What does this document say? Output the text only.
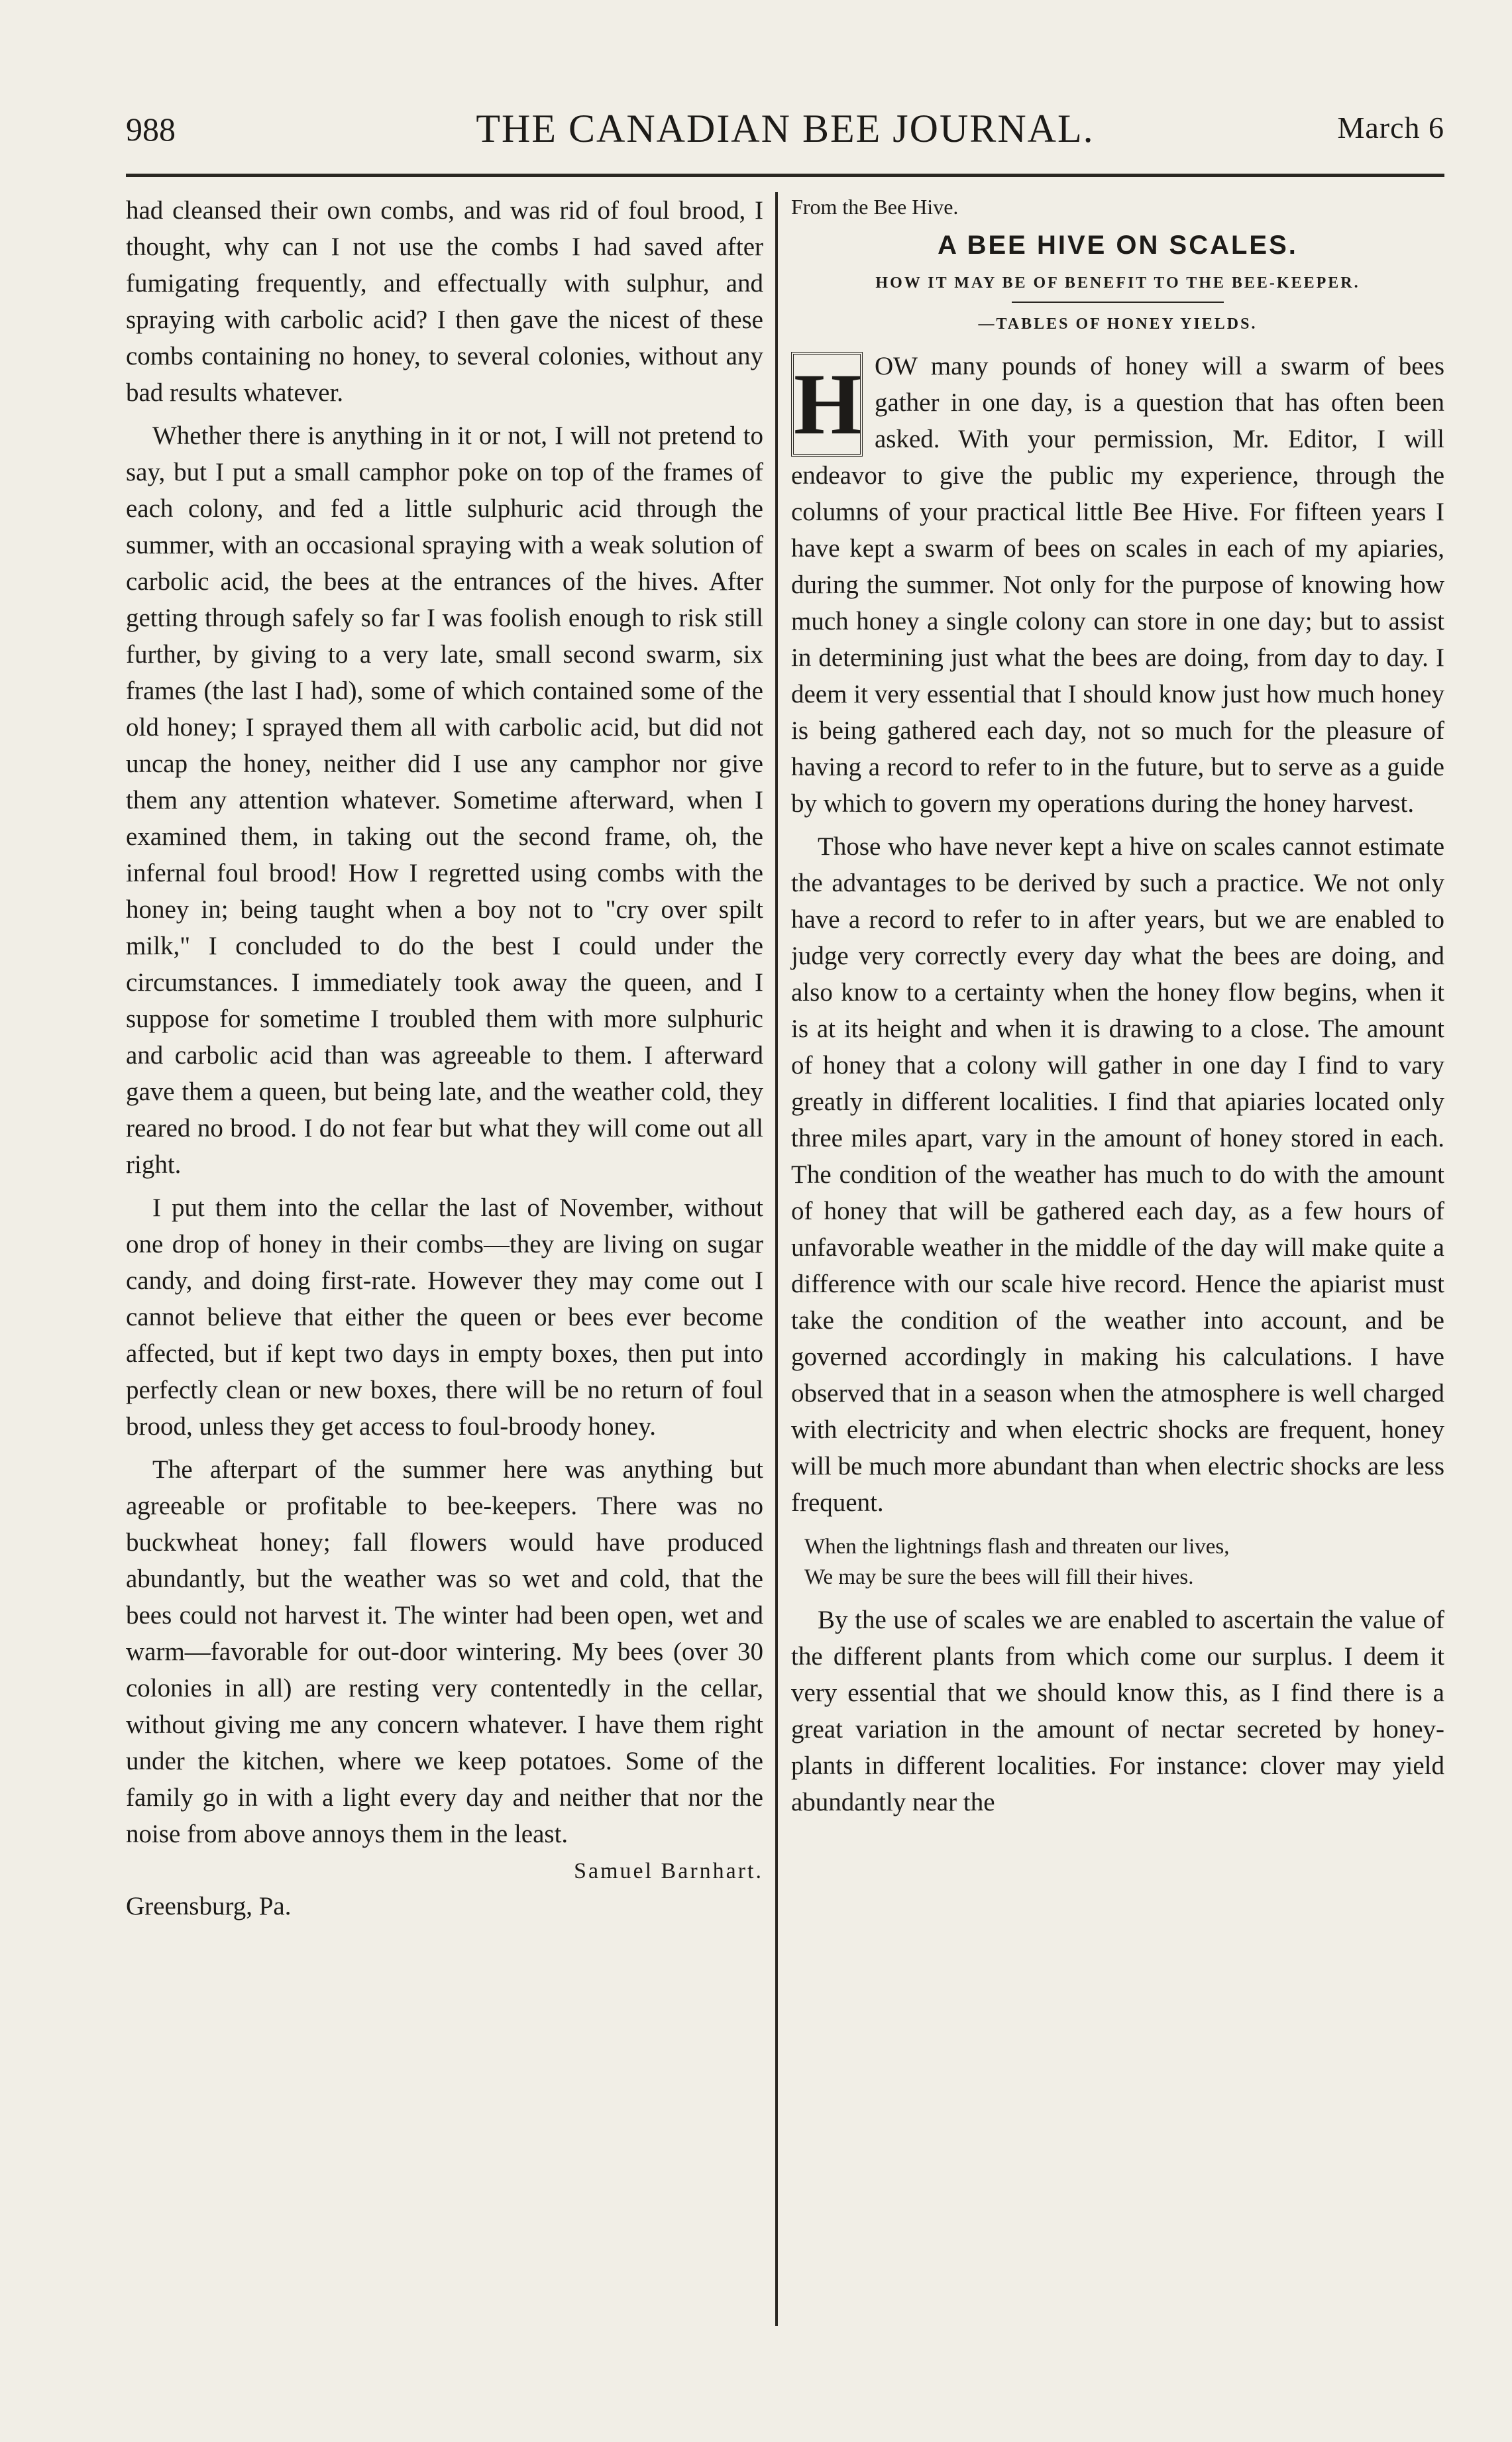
988	THE CANADIAN BEE JOURNAL.	March 6

had cleansed their own combs, and was rid of foul brood, I thought, why can I not use the combs I had saved after fumigating frequently, and effectually with sulphur, and spraying with carbolic acid? I then gave the nicest of these combs containing no honey, to several colonies, without any bad results whatever.

Whether there is anything in it or not, I will not pretend to say, but I put a small camphor poke on top of the frames of each colony, and fed a little sulphuric acid through the summer, with an occasional spraying with a weak solution of carbolic acid, the bees at the entrances of the hives. After getting through safely so far I was foolish enough to risk still further, by giving to a very late, small second swarm, six frames (the last I had), some of which contained some of the old honey; I sprayed them all with carbolic acid, but did not uncap the honey, neither did I use any camphor nor give them any attention whatever. Sometime afterward, when I examined them, in taking out the second frame, oh, the infernal foul brood! How I regretted using combs with the honey in; being taught when a boy not to "cry over spilt milk," I concluded to do the best I could under the circumstances. I immediately took away the queen, and I suppose for sometime I troubled them with more sulphuric and carbolic acid than was agreeable to them. I afterward gave them a queen, but being late, and the weather cold, they reared no brood. I do not fear but what they will come out all right.

I put them into the cellar the last of November, without one drop of honey in their combs—they are living on sugar candy, and doing first-rate. However they may come out I cannot believe that either the queen or bees ever become affected, but if kept two days in empty boxes, then put into perfectly clean or new boxes, there will be no return of foul brood, unless they get access to foul-broody honey.

The afterpart of the summer here was anything but agreeable or profitable to bee-keepers. There was no buckwheat honey; fall flowers would have produced abundantly, but the weather was so wet and cold, that the bees could not harvest it. The winter had been open, wet and warm—favorable for out-door wintering. My bees (over 30 colonies in all) are resting very contentedly in the cellar, without giving me any concern whatever. I have them right under the kitchen, where we keep potatoes. Some of the family go in with a light every day and neither that nor the noise from above annoys them in the least.

Samuel Barnhart.
Greensburg, Pa.
From the Bee Hive.
A BEE HIVE ON SCALES.
HOW IT MAY BE OF BENEFIT TO THE BEE-KEEPER.
—TABLES OF HONEY YIELDS.
H OW many pounds of honey will a swarm of bees gather in one day, is a question that has often been asked. With your permission, Mr. Editor, I will endeavor to give the public my experience, through the columns of your practical little Bee Hive. For fifteen years I have kept a swarm of bees on scales in each of my apiaries, during the summer. Not only for the purpose of knowing how much honey a single colony can store in one day; but to assist in determining just what the bees are doing, from day to day. I deem it very essential that I should know just how much honey is being gathered each day, not so much for the pleasure of having a record to refer to in the future, but to serve as a guide by which to govern my operations during the honey harvest.

Those who have never kept a hive on scales cannot estimate the advantages to be derived by such a practice. We not only have a record to refer to in after years, but we are enabled to judge very correctly every day what the bees are doing, and also know to a certainty when the honey flow begins, when it is at its height and when it is drawing to a close. The amount of honey that a colony will gather in one day I find to vary greatly in different localities. I find that apiaries located only three miles apart, vary in the amount of honey stored in each. The condition of the weather has much to do with the amount of honey that will be gathered each day, as a few hours of unfavorable weather in the middle of the day will make quite a difference with our scale hive record. Hence the apiarist must take the condition of the weather into account, and be governed accordingly in making his calculations. I have observed that in a season when the atmosphere is well charged with electricity and when electric shocks are frequent, honey will be much more abundant than when electric shocks are less frequent.

When the lightnings flash and threaten our lives,
We may be sure the bees will fill their hives.

By the use of scales we are enabled to ascertain the value of the different plants from which come our surplus. I deem it very essential that we should know this, as I find there is a great variation in the amount of nectar secreted by honey-plants in different localities. For instance: clover may yield abundantly near the
